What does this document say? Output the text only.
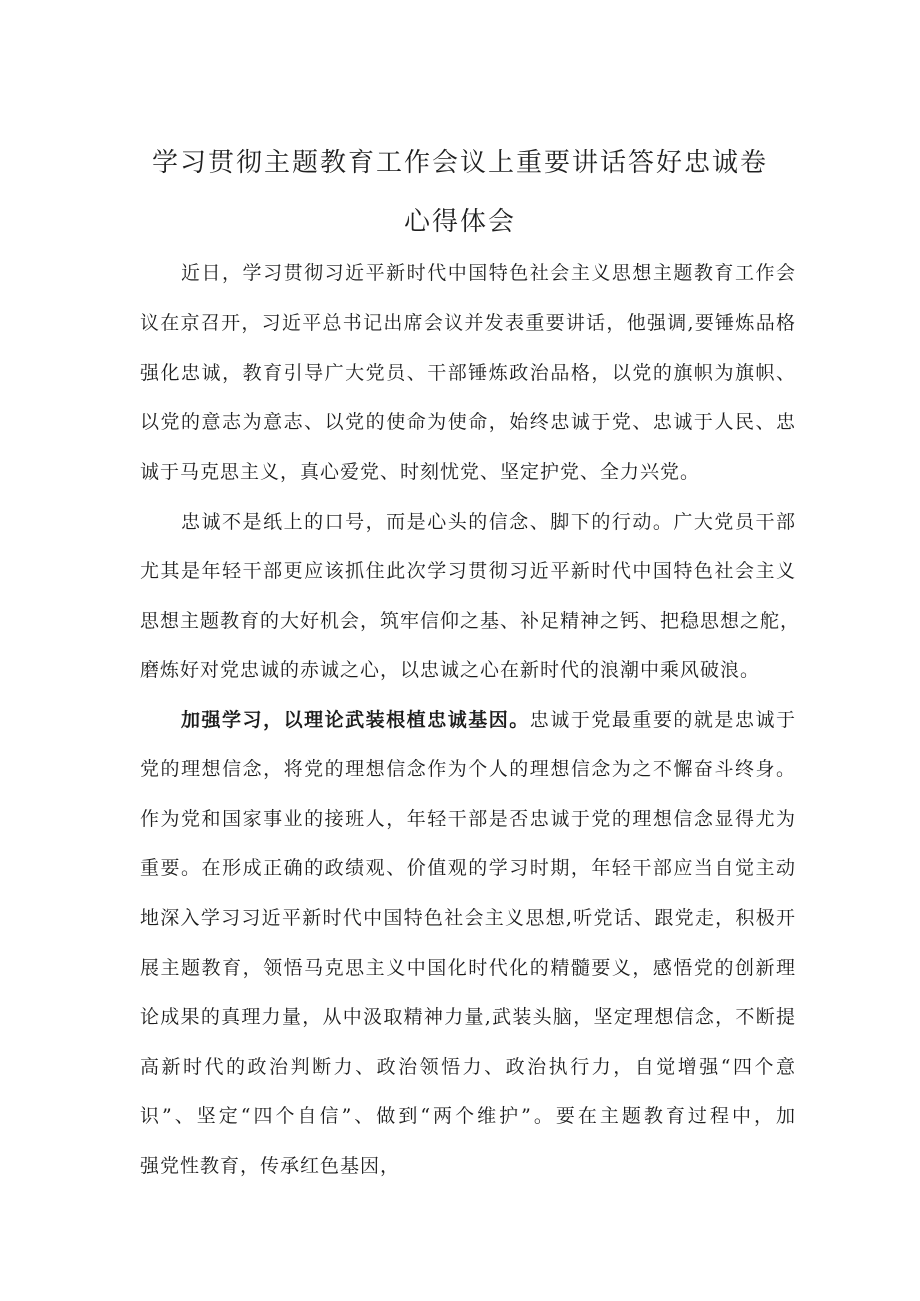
学习贯彻主题教育工作会议上重要讲话答好忠诚卷
心得体会
近日，学习贯彻习近平新时代中国特色社会主义思想主题教育工作会
议在京召开，习近平总书记出席会议并发表重要讲话，他强调,要锤炼品格
强化忠诚，教育引导广大党员、干部锤炼政治品格，以党的旗帜为旗帜、
以党的意志为意志、以党的使命为使命，始终忠诚于党、忠诚于人民、忠
诚于马克思主义，真心爱党、时刻忧党、坚定护党、全力兴党。
忠诚不是纸上的口号，而是心头的信念、脚下的行动。广大党员干部
尤其是年轻干部更应该抓住此次学习贯彻习近平新时代中国特色社会主义
思想主题教育的大好机会，筑牢信仰之基、补足精神之钙、把稳思想之舵，
磨炼好对党忠诚的赤诚之心，以忠诚之心在新时代的浪潮中乘风破浪。
加强学习，以理论武装根植忠诚基因。忠诚于党最重要的就是忠诚于
党的理想信念，将党的理想信念作为个人的理想信念为之不懈奋斗终身。
作为党和国家事业的接班人，年轻干部是否忠诚于党的理想信念显得尤为
重要。在形成正确的政绩观、价值观的学习时期，年轻干部应当自觉主动
地深入学习习近平新时代中国特色社会主义思想,听党话、跟党走，积极开
展主题教育，领悟马克思主义中国化时代化的精髓要义，感悟党的创新理
论成果的真理力量，从中汲取精神力量,武装头脑，坚定理想信念，不断提
高新时代的政治判断力、政治领悟力、政治执行力，自觉增强“四个意
识”、坚定“四个自信”、做到“两个维护”。要在主题教育过程中，加
强党性教育，传承红色基因，
